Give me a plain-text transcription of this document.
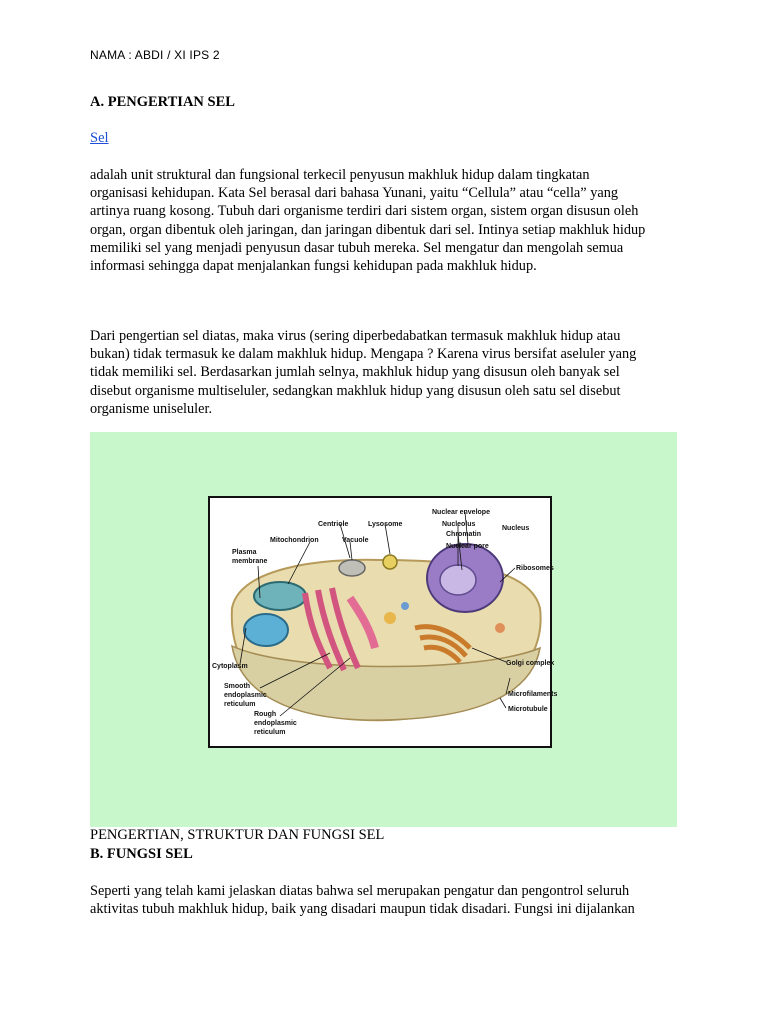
NAMA : ABDI / XI IPS 2
A. PENGERTIAN SEL
Sel
adalah unit struktural dan fungsional terkecil penyusun makhluk hidup dalam tingkatan
organisasi kehidupan. Kata Sel berasal dari bahasa Yunani, yaitu “Cellula” atau “cella” yang
artinya ruang kosong. Tubuh dari organisme terdiri dari sistem organ, sistem organ disusun oleh
organ, organ dibentuk oleh jaringan, dan jaringan dibentuk dari sel. Intinya setiap makhluk hidup
memiliki sel yang menjadi penyusun dasar tubuh mereka. Sel mengatur dan mengolah semua
informasi sehingga dapat menjalankan fungsi kehidupan pada makhluk hidup.
Dari pengertian sel diatas, maka virus (sering diperbedabatkan termasuk makhluk hidup atau
bukan) tidak termasuk ke dalam makhluk hidup. Mengapa ? Karena virus bersifat aseluler yang
tidak memiliki sel. Berdasarkan jumlah selnya, makhluk hidup yang disusun oleh banyak sel
disebut organisme multiseluler, sedangkan makhluk hidup yang disusun oleh satu sel disebut
organisme uniseluler.
Nuclear envelope
Centriole	Lysosome	Nucleolus
Nucleus
Chromatin
Mitochondrion	Vacuole
Nuclear pore
Plasma
membrane
Ribosomes
Cytoplasm	Golgi complex
Smooth
endoplasmic
reticulum
Microfilaments
Microtubule
Rough
endoplasmic
reticulum
PENGERTIAN, STRUKTUR DAN FUNGSI SEL
B. FUNGSI SEL
Seperti yang telah kami jelaskan diatas bahwa sel merupakan pengatur dan pengontrol seluruh
aktivitas tubuh makhluk hidup, baik yang disadari maupun tidak disadari. Fungsi ini dijalankan
